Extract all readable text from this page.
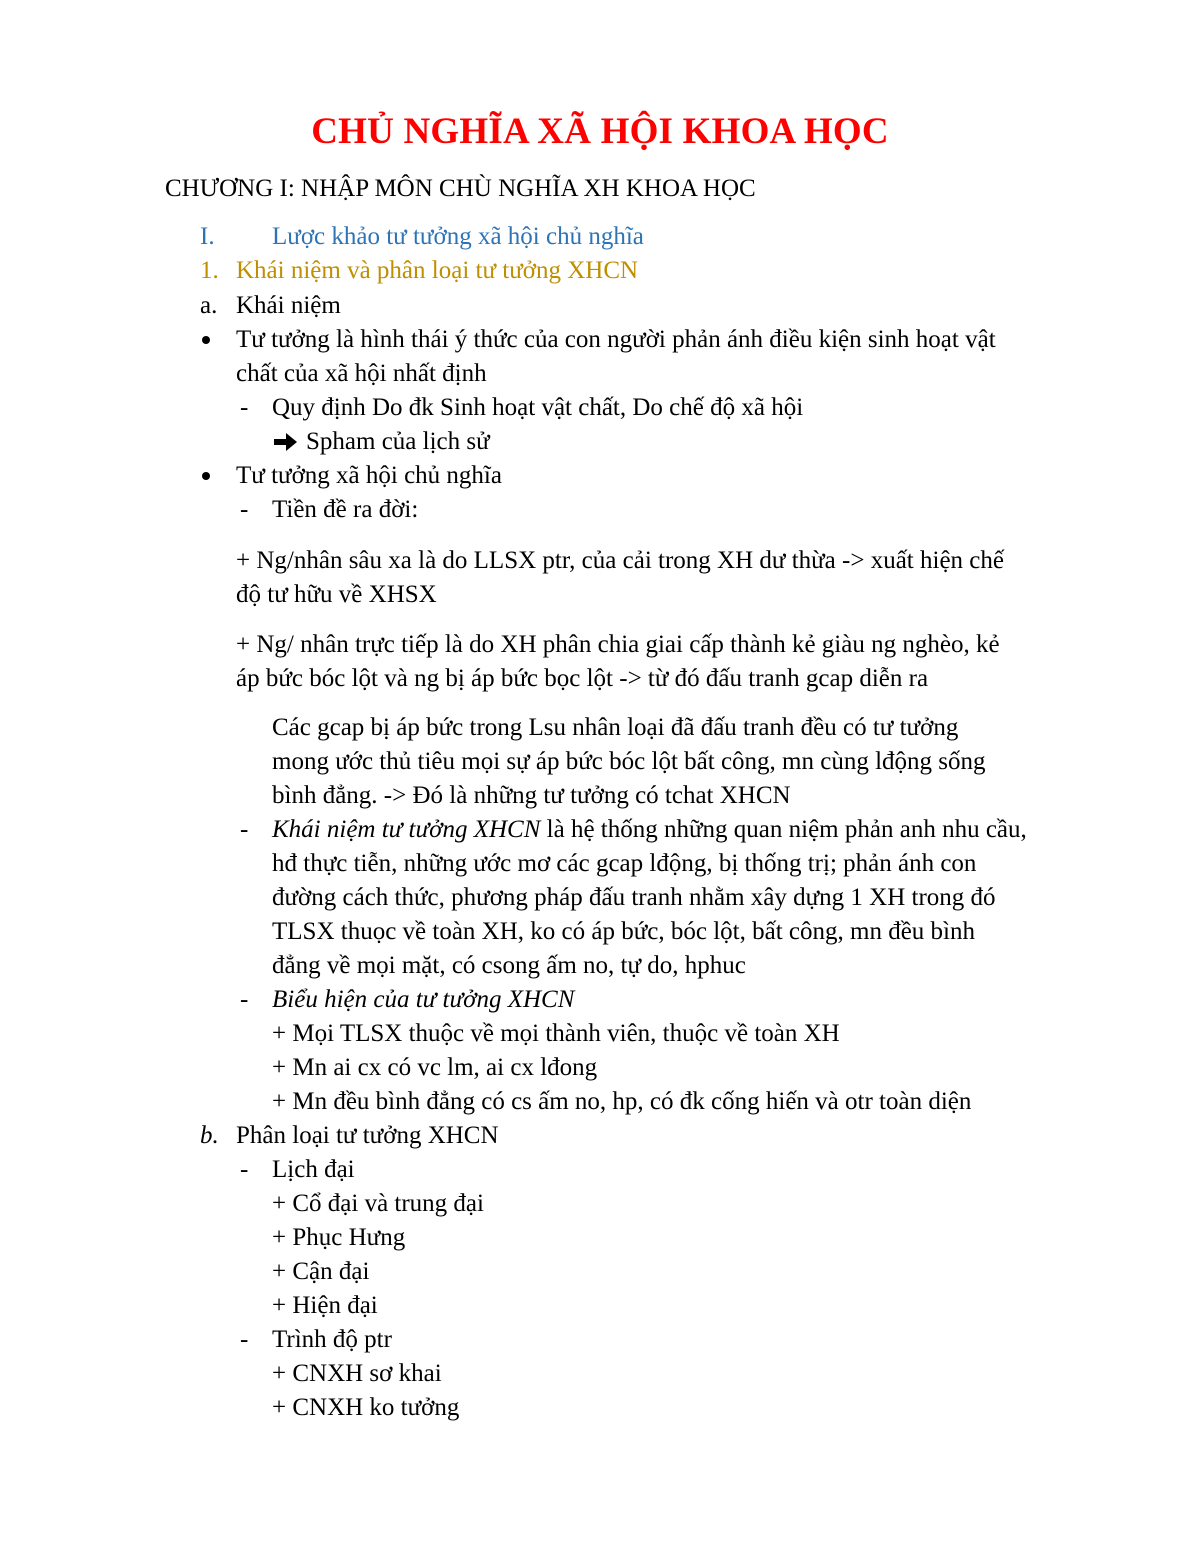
CHỦ NGHĨA XÃ HỘI KHOA HỌC
CHƯƠNG I: NHẬP MÔN CHÙ NGHĨA XH KHOA HỌC
I. Lược khảo tư tưởng xã hội chủ nghĩa
1. Khái niệm và phân loại tư tưởng XHCN
a. Khái niệm
Tư tưởng là hình thái ý thức của con người phản ánh điều kiện sinh hoạt vật
chất của xã hội nhất định
- Quy định Do đk Sinh hoạt vật chất, Do chế độ xã hội
Spham của lịch sử
Tư tưởng xã hội chủ nghĩa
- Tiền đề ra đời:
+ Ng/nhân sâu xa là do LLSX ptr, của cải trong XH dư thừa -> xuất hiện chế
độ tư hữu về XHSX
+ Ng/ nhân trực tiếp là do XH phân chia giai cấp thành kẻ giàu ng nghèo, kẻ
áp bức bóc lột và ng bị áp bức bọc lột -> từ đó đấu tranh gcap diễn ra
Các gcap bị áp bức trong Lsu nhân loại đã đấu tranh đều có tư tưởng
mong ước thủ tiêu mọi sự áp bức bóc lột bất công, mn cùng lđộng sống
bình đẳng. -> Đó là những tư tưởng có tchat XHCN
- Khái niệm tư tưởng XHCN là hệ thống những quan niệm phản anh nhu cầu,
hđ thực tiễn, những ước mơ các gcap lđộng, bị thống trị; phản ánh con
đường cách thức, phương pháp đấu tranh nhằm xây dựng 1 XH trong đó
TLSX thuọc về toàn XH, ko có áp bức, bóc lột, bất công, mn đều bình
đẳng về mọi mặt, có csong ấm no, tự do, hphuc
- Biểu hiện của tư tưởng XHCN
+ Mọi TLSX thuộc về mọi thành viên, thuộc về toàn XH
+ Mn ai cx có vc lm, ai cx lđong
+ Mn đều bình đẳng có cs ấm no, hp, có đk cống hiến và otr toàn diện
b. Phân loại tư tưởng XHCN
- Lịch đại
+ Cổ đại và trung đại
+ Phục Hưng
+ Cận đại
+ Hiện đại
- Trình độ ptr
+ CNXH sơ khai
+ CNXH ko tưởng
